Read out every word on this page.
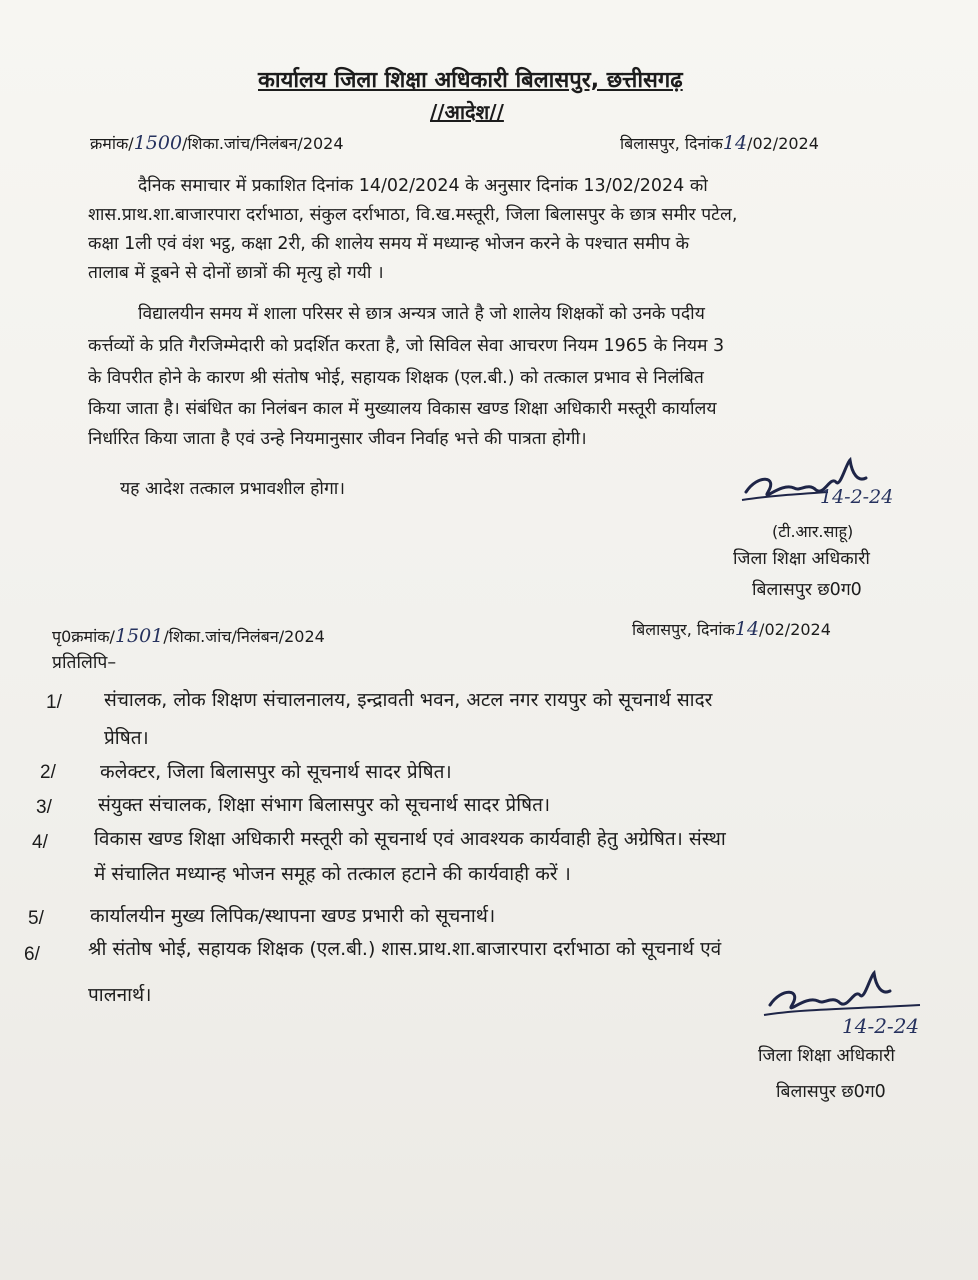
कार्यालय जिला शिक्षा अधिकारी बिलासपुर, छत्तीसगढ़
//आदेश//
क्रमांक/1500/शिका.जांच/निलंबन/2024	बिलासपुर, दिनांक14/02/2024
दैनिक समाचार में प्रकाशित दिनांक 14/02/2024 के अनुसार दिनांक 13/02/2024 को
शास.प्राथ.शा.बाजारपारा दर्राभाठा, संकुल दर्राभाठा, वि.ख.मस्तूरी, जिला बिलासपुर के छात्र समीर पटेल,
कक्षा 1ली एवं वंश भट्ठ, कक्षा 2री, की शालेय समय में मध्यान्ह भोजन करने के पश्चात समीप के
तालाब में डूबने से दोनों छात्रों की मृत्यु हो गयी ।
विद्यालयीन समय में शाला परिसर से छात्र अन्यत्र जाते है जो शालेय शिक्षकों को उनके पदीय
कर्त्तव्यों के प्रति गैरजिम्मेदारी को प्रदर्शित करता है, जो सिविल सेवा आचरण नियम 1965 के नियम 3
के विपरीत होने के कारण श्री संतोष भोई, सहायक शिक्षक (एल.बी.) को तत्काल प्रभाव से निलंबित
किया जाता है। संबंधित का निलंबन काल में मुख्यालय विकास खण्ड शिक्षा अधिकारी मस्तूरी कार्यालय
निर्धारित किया जाता है एवं उन्हे नियमानुसार जीवन निर्वाह भत्ते की पात्रता होगी।
यह आदेश तत्काल प्रभावशील होगा।	14-2-24
(टी.आर.साहू)
जिला शिक्षा अधिकारी
बिलासपुर छ0ग0
पृ0क्रमांक/1501/शिका.जांच/निलंबन/2024	बिलासपुर, दिनांक14/02/2024
प्रतिलिपि–
1/ संचालक, लोक शिक्षण संचालनालय, इन्द्रावती भवन, अटल नगर रायपुर को सूचनार्थ सादर
प्रेषित।
2/ कलेक्टर, जिला बिलासपुर को सूचनार्थ सादर प्रेषित।
3/ संयुक्त संचालक, शिक्षा संभाग बिलासपुर को सूचनार्थ सादर प्रेषित।
4/ विकास खण्ड शिक्षा अधिकारी मस्तूरी को सूचनार्थ एवं आवश्यक कार्यवाही हेतु अग्रेषित। संस्था
में संचालित मध्यान्ह भोजन समूह को तत्काल हटाने की कार्यवाही करें ।
5/ कार्यालयीन मुख्य लिपिक/स्थापना खण्ड प्रभारी को सूचनार्थ।
6/	श्री संतोष भोई, सहायक शिक्षक (एल.बी.) शास.प्राथ.शा.बाजारपारा दर्राभाठा को सूचनार्थ एवं
पालनार्थ।
14-2-24
जिला शिक्षा अधिकारी
बिलासपुर छ0ग0
